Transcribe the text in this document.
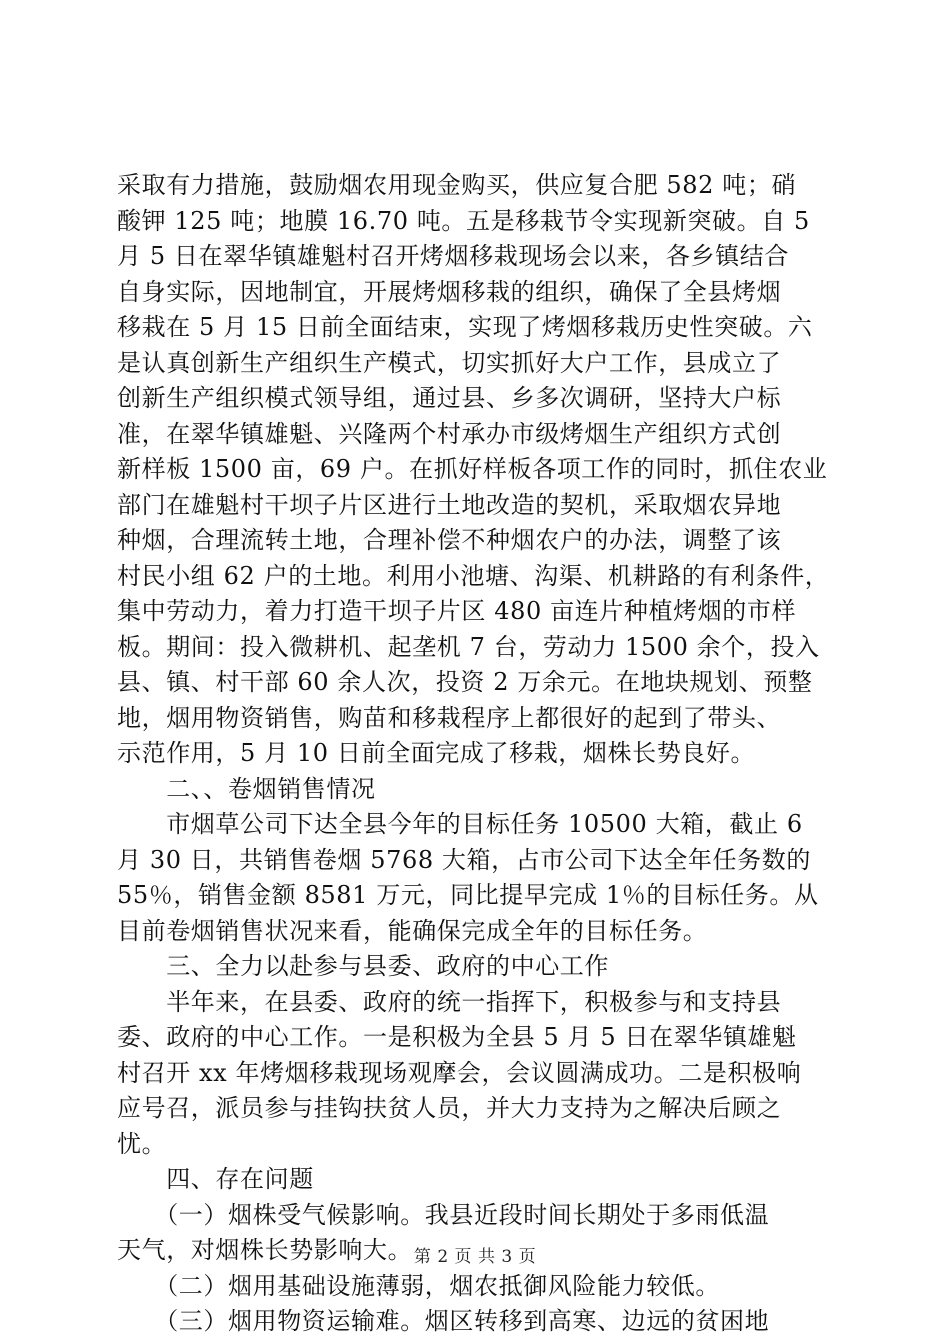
采取有力措施，鼓励烟农用现金购买，供应复合肥 582 吨；硝
酸钾 125 吨；地膜 16.70 吨。五是移栽节令实现新突破。自 5
月 5 日在翠华镇雄魁村召开烤烟移栽现场会以来，各乡镇结合
自身实际，因地制宜，开展烤烟移栽的组织，确保了全县烤烟
移栽在 5 月 15 日前全面结束，实现了烤烟移栽历史性突破。六
是认真创新生产组织生产模式，切实抓好大户工作，县成立了
创新生产组织模式领导组，通过县、乡多次调研，坚持大户标
准，在翠华镇雄魁、兴隆两个村承办市级烤烟生产组织方式创
新样板 1500 亩，69 户。在抓好样板各项工作的同时，抓住农业
部门在雄魁村干坝子片区进行土地改造的契机，采取烟农异地
种烟，合理流转土地，合理补偿不种烟农户的办法，调整了该
村民小组 62 户的土地。利用小池塘、沟渠、机耕路的有利条件，
集中劳动力，着力打造干坝子片区 480 亩连片种植烤烟的市样
板。期间：投入微耕机、起垄机 7 台，劳动力 1500 余个，投入
县、镇、村干部 60 余人次，投资 2 万余元。在地块规划、预整
地，烟用物资销售，购苗和移栽程序上都很好的起到了带头、
示范作用，5 月 10 日前全面完成了移栽，烟株长势良好。
　　二、、卷烟销售情况
　　市烟草公司下达全县今年的目标任务 10500 大箱，截止 6
月 30 日，共销售卷烟 5768 大箱，占市公司下达全年任务数的
55％，销售金额 8581 万元，同比提早完成 1％的目标任务。从
目前卷烟销售状况来看，能确保完成全年的目标任务。
　　三、全力以赴参与县委、政府的中心工作
　　半年来，在县委、政府的统一指挥下，积极参与和支持县
委、政府的中心工作。一是积极为全县 5 月 5 日在翠华镇雄魁
村召开 xx 年烤烟移栽现场观摩会，会议圆满成功。二是积极响
应号召，派员参与挂钩扶贫人员，并大力支持为之解决后顾之
忧。
　　四、存在问题
　　（一）烟株受气候影响。我县近段时间长期处于多雨低温
天气，对烟株长势影响大。
　　（二）烟用基础设施薄弱，烟农抵御风险能力较低。
　　（三）烟用物资运输难。烟区转移到高寒、边远的贫困地
第 2 页 共 3 页
